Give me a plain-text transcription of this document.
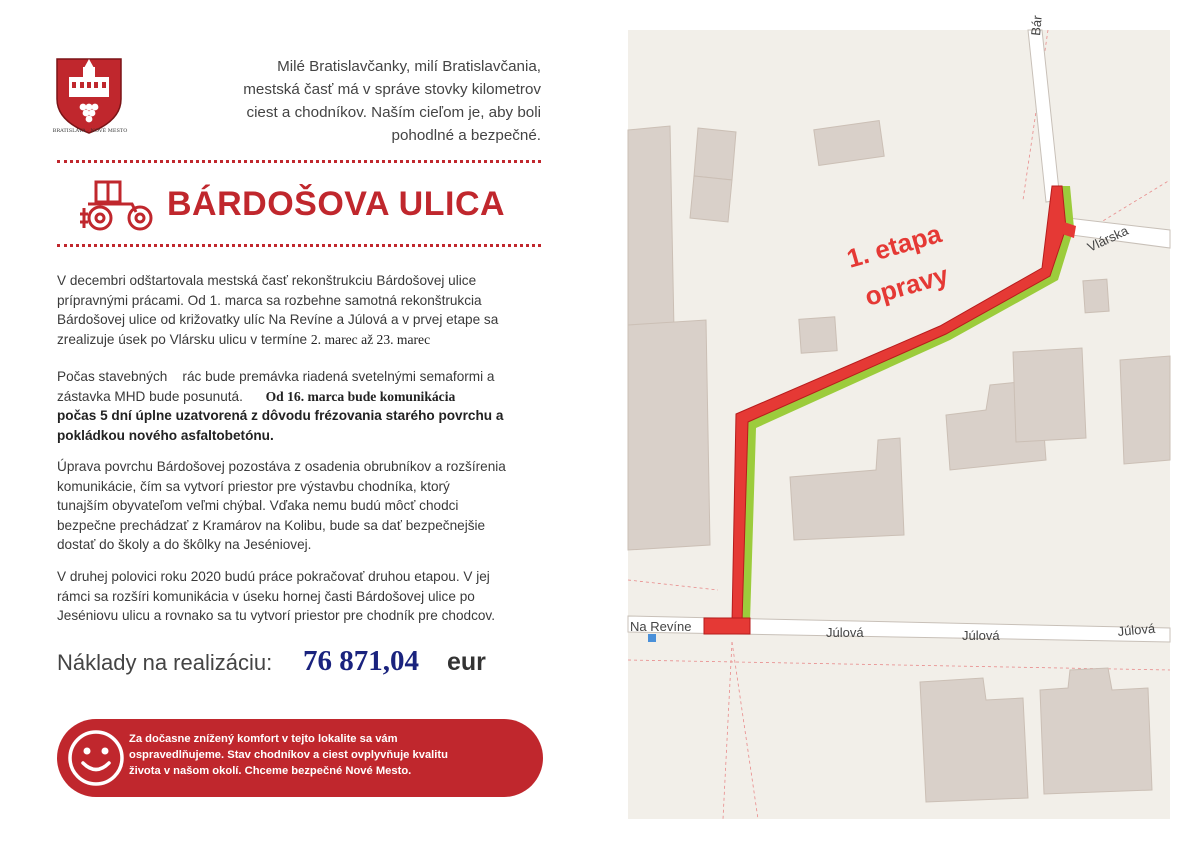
BRATISLAVA · NOVÉ MESTO
Milé Bratislavčanky, milí Bratislavčania,
mestská časť má v správe stovky kilometrov
ciest a chodníkov. Naším cieľom je, aby boli
pohodlné a bezpečné.
BÁRDOŠOVA ULICA
V decembri odštartovala mestská časť rekonštrukciu Bárdošovej ulice
prípravnými prácami. Od 1. marca sa rozbehne samotná rekonštrukcia
Bárdošovej ulice od križovatky ulíc Na Revíne a Júlová a v prvej etape sa
zrealizuje úsek po Vlársku ulicu v termíne 2. marec až 23. marec
Počas stavebných    rác bude premávka riadená svetelnými semaformi a
zástavka MHD bude posunutá. Od 16. marca bude komunikácia
počas 5 dní úplne uzatvorená z dôvodu frézovania starého povrchu a
pokládkou nového asfaltobetónu.
Úprava povrchu Bárdošovej pozostáva z osadenia obrubníkov a rozšírenia
komunikácie, čím sa vytvorí priestor pre výstavbu chodníka, ktorý
tunajším obyvateľom veľmi chýbal. Vďaka nemu budú môcť chodci
bezpečne prechádzať z Kramárov na Kolibu, bude sa dať bezpečnejšie
dostať do školy a do škôlky na Jeséniovej.
V druhej polovici roku 2020 budú práce pokračovať druhou etapou. V jej
rámci sa rozšíri komunikácia v úseku hornej časti Bárdošovej ulice po
Jeséniovu ulicu a rovnako sa tu vytvorí priestor pre chodník pre chodcov.
Náklady na realizáciu: 76 871,04 eur
Za dočasne znížený komfort v tejto lokalite sa vám
ospravedlňujeme. Stav chodníkov a ciest ovplyvňuje kvalitu
života v našom okolí. Chceme bezpečné Nové Mesto.
Bár
Vlárska
Na Revíne	Júlová	Júlová	Júlová
1. etapa
opravy
